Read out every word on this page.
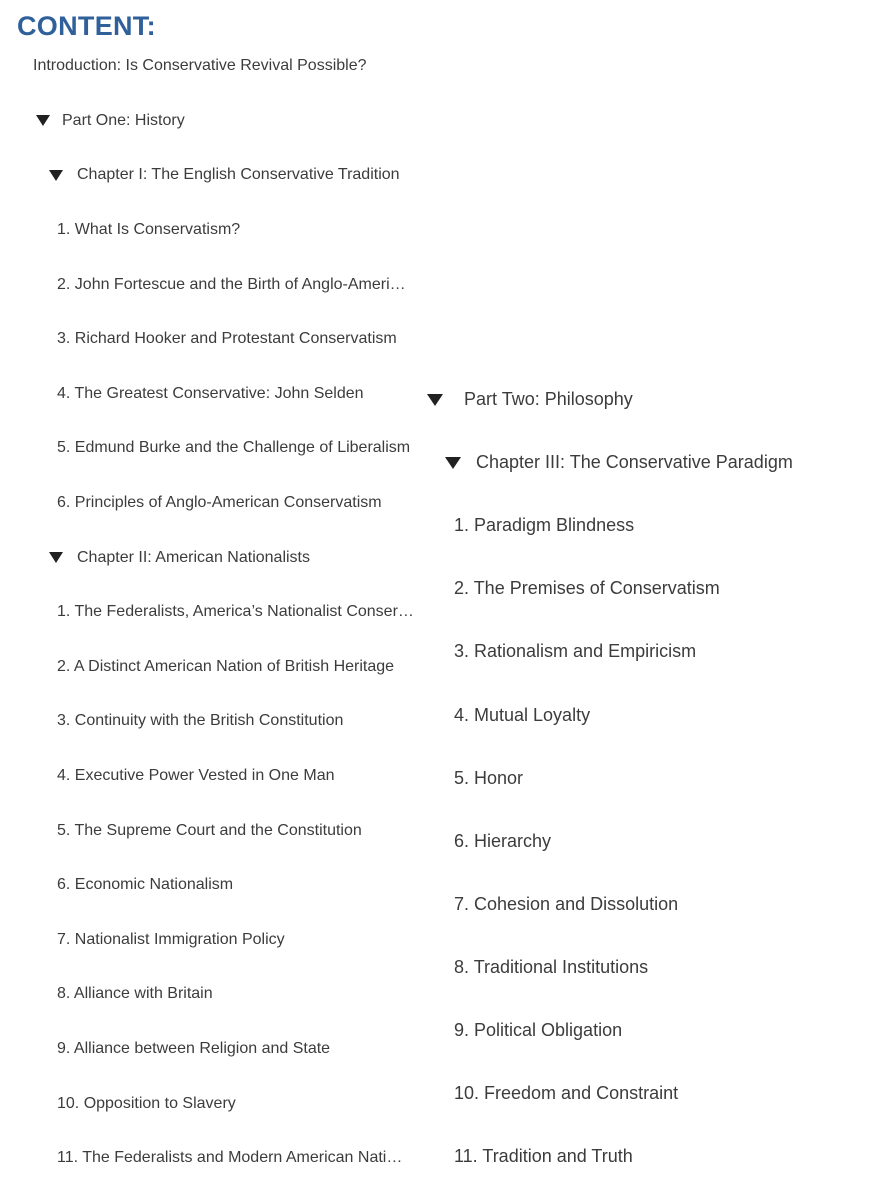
CONTENT:
Introduction: Is Conservative Revival Possible?
Part One: History
Chapter I: The English Conservative Tradition
1. What Is Conservatism?
2. John Fortescue and the Birth of Anglo-Ameri…
3. Richard Hooker and Protestant Conservatism
4. The Greatest Conservative: John Selden
5. Edmund Burke and the Challenge of Liberalism
6. Principles of Anglo-American Conservatism
Chapter II: American Nationalists
1. The Federalists, America’s Nationalist Conser…
2. A Distinct American Nation of British Heritage
3. Continuity with the British Constitution
4. Executive Power Vested in One Man
5. The Supreme Court and the Constitution
6. Economic Nationalism
7. Nationalist Immigration Policy
8. Alliance with Britain
9. Alliance between Religion and State
10. Opposition to Slavery
11. The Federalists and Modern American Nati…
Part Two: Philosophy
Chapter III: The Conservative Paradigm
1. Paradigm Blindness
2. The Premises of Conservatism
3. Rationalism and Empiricism
4. Mutual Loyalty
5. Honor
6. Hierarchy
7. Cohesion and Dissolution
8. Traditional Institutions
9. Political Obligation
10. Freedom and Constraint
11. Tradition and Truth
